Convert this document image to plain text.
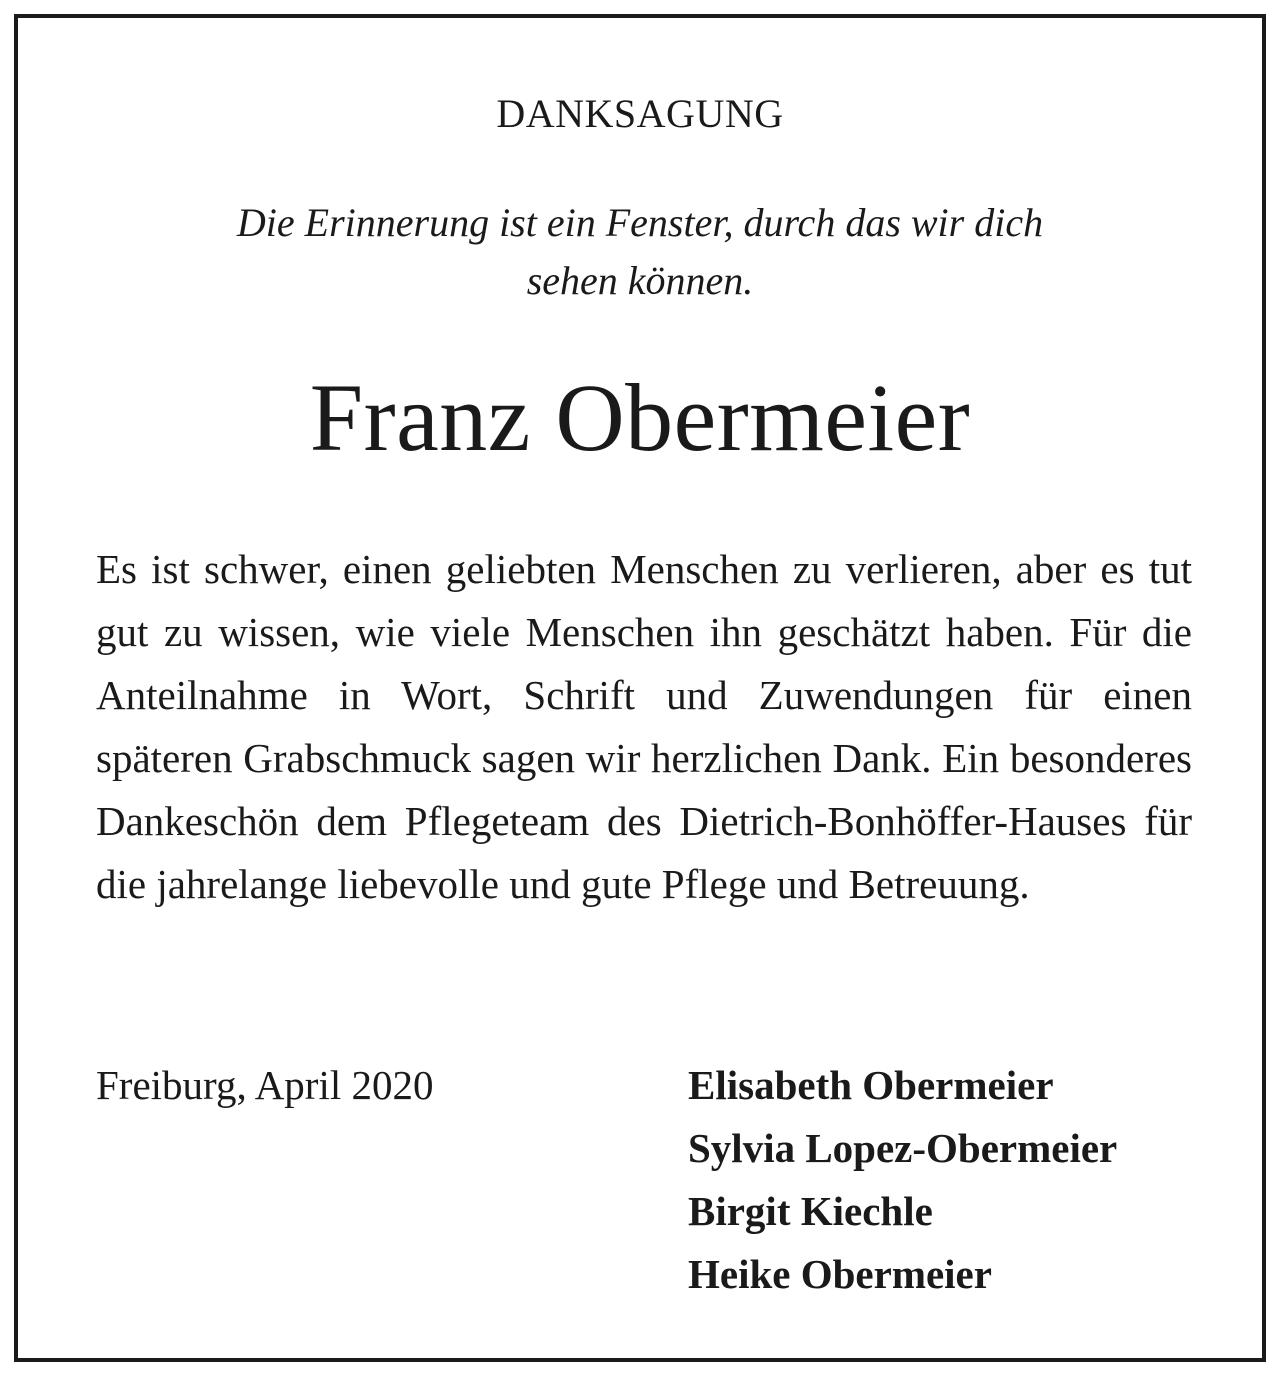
DANKSAGUNG
Die Erinnerung ist ein Fenster, durch das wir dich
sehen können.
Franz Obermeier
Es ist schwer, einen geliebten Menschen zu verlieren, aber es tut gut zu wissen, wie viele Menschen ihn geschätzt haben. Für die Anteilnahme in Wort, Schrift und Zuwendungen für einen späteren Grabschmuck sagen wir herzlichen Dank. Ein besonderes Dankeschön dem Pflegeteam des Dietrich-Bonhöffer-Hauses für die jahrelange liebevolle und gute Pflege und Betreuung.
Freiburg, April 2020	Elisabeth Obermeier
Sylvia Lopez-Obermeier
Birgit Kiechle
Heike Obermeier
